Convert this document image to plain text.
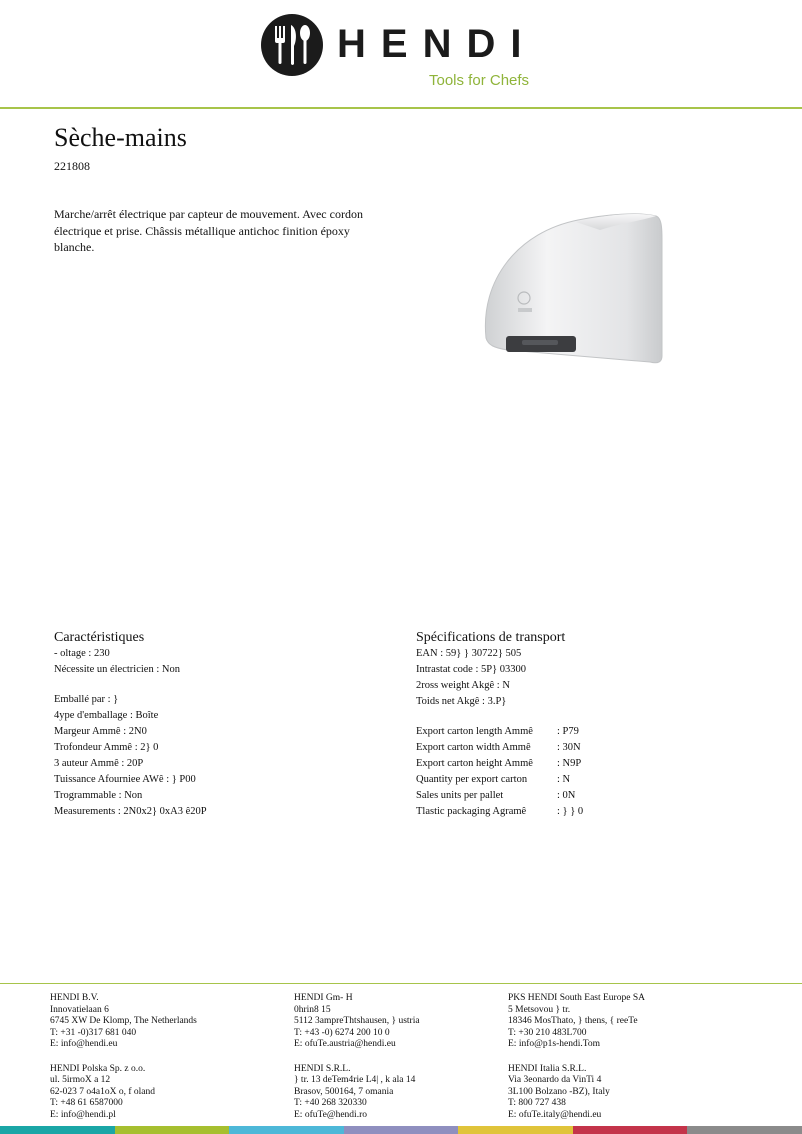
HENDI
Tools for Chefs
Sèche-mains
221808
Marche/arrêt électrique par capteur de mouvement. Avec cordon électrique et prise. Châssis métallique antichoc finition époxy blanche.
Caractéristiques
- oltage : 230
Nécessite un électricien : Non
Emballé par : }
4ype d'emballage : Boîte
Margeur Ammê : 2N0
Trofondeur Ammê : 2} 0
3 auteur Ammê : 20P
Tuissance Afourniee AWê : } P00
Trogrammable : Non
Measurements : 2N0x2} 0xA3 ê20P
Spécifications de transport
EAN : 59} } 30722} 505
Intrastat code : 5P} 03300
2ross weight Akgê : N
Toids net Akgê : 3.P}
Export carton length Ammê : P79
Export carton width Ammê	: 30N
Export carton height Ammê : N9P
Quantity per export carton	: N
Sales units per pallet	: 0N
Tlastic packaging Agramê	: } } 0
HENDI B.V.
Innovatielaan 6
6745 XW De Klomp, The Netherlands
T: +31 -0)317 681 040
E: info@hendi.eu
HENDI Polska Sp. z o.o.
ul. 5irmoX a 12
62-023 7 o4a1oX o, f oland
T: +48 61 6587000
E: info@hendi.pl
HENDI Gm- H
0hrin8 15
5112 3ampreThtshausen, } ustria
T: +43 -0) 6274 200 10 0
E: ofuTe.austria@hendi.eu
HENDI S.R.L.
} tr. 13 deTem4rie L4| , k ala 14
Brasov, 500164, 7 omania
T: +40 268 320330
E: ofuTe@hendi.ro
PKS HENDI South East Europe SA
5 Metsovou } tr.
18346 MosThato, } thens, { reeTe
T: +30 210 483L700
E: info@p1s-hendi.Tom
HENDI Italia S.R.L.
Via 3eonardo da VinTi 4
3L100 Bolzano -BZ), Italy
T: 800 727 438
E: ofuTe.italy@hendi.eu
